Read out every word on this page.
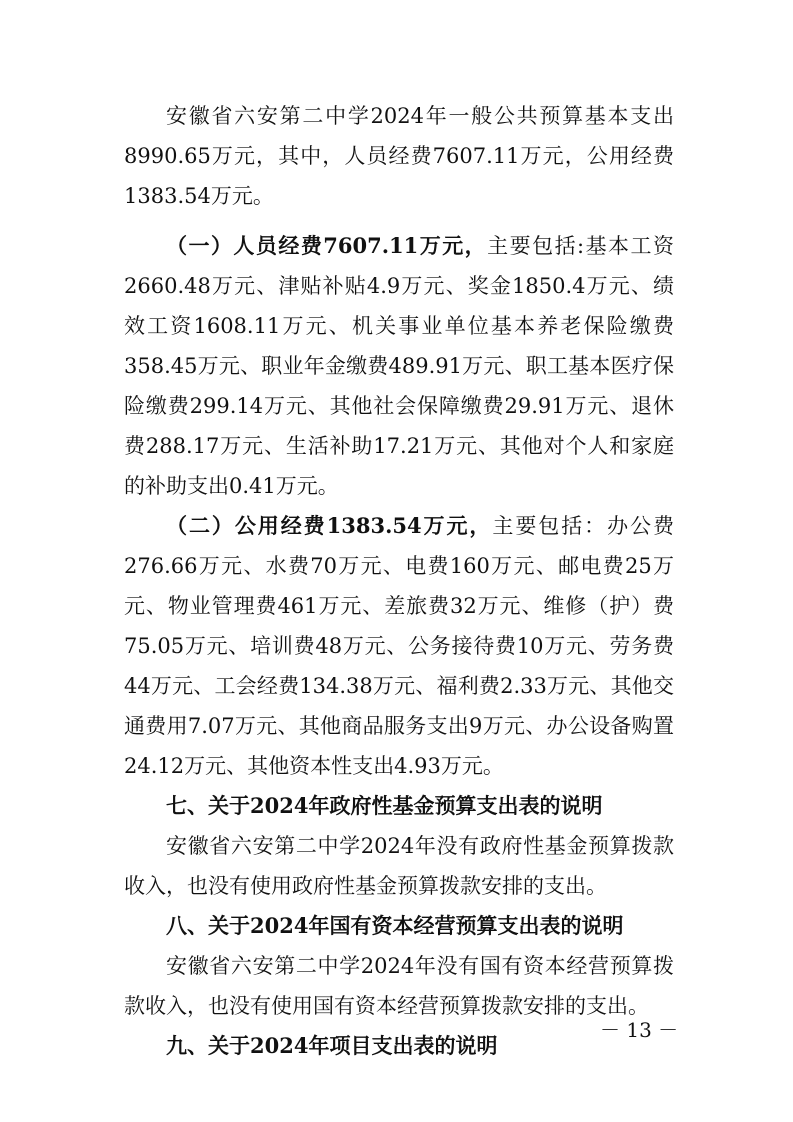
安徽省六安第二中学2024年一般公共预算基本支出8990.65万元，其中，人员经费7607.11万元，公用经费1383.54万元。

（一）人员经费7607.11万元，主要包括:基本工资2660.48万元、津贴补贴4.9万元、奖金1850.4万元、绩效工资1608.11万元、机关事业单位基本养老保险缴费358.45万元、职业年金缴费489.91万元、职工基本医疗保险缴费299.14万元、其他社会保障缴费29.91万元、退休费288.17万元、生活补助17.21万元、其他对个人和家庭的补助支出0.41万元。

（二）公用经费1383.54万元，主要包括：办公费276.66万元、水费70万元、电费160万元、邮电费25万元、物业管理费461万元、差旅费32万元、维修（护）费75.05万元、培训费48万元、公务接待费10万元、劳务费44万元、工会经费134.38万元、福利费2.33万元、其他交通费用7.07万元、其他商品服务支出9万元、办公设备购置24.12万元、其他资本性支出4.93万元。

七、关于2024年政府性基金预算支出表的说明

安徽省六安第二中学2024年没有政府性基金预算拨款收入，也没有使用政府性基金预算拨款安排的支出。

八、关于2024年国有资本经营预算支出表的说明

安徽省六安第二中学2024年没有国有资本经营预算拨款收入，也没有使用国有资本经营预算拨款安排的支出。

九、关于2024年项目支出表的说明
－ 13 －
